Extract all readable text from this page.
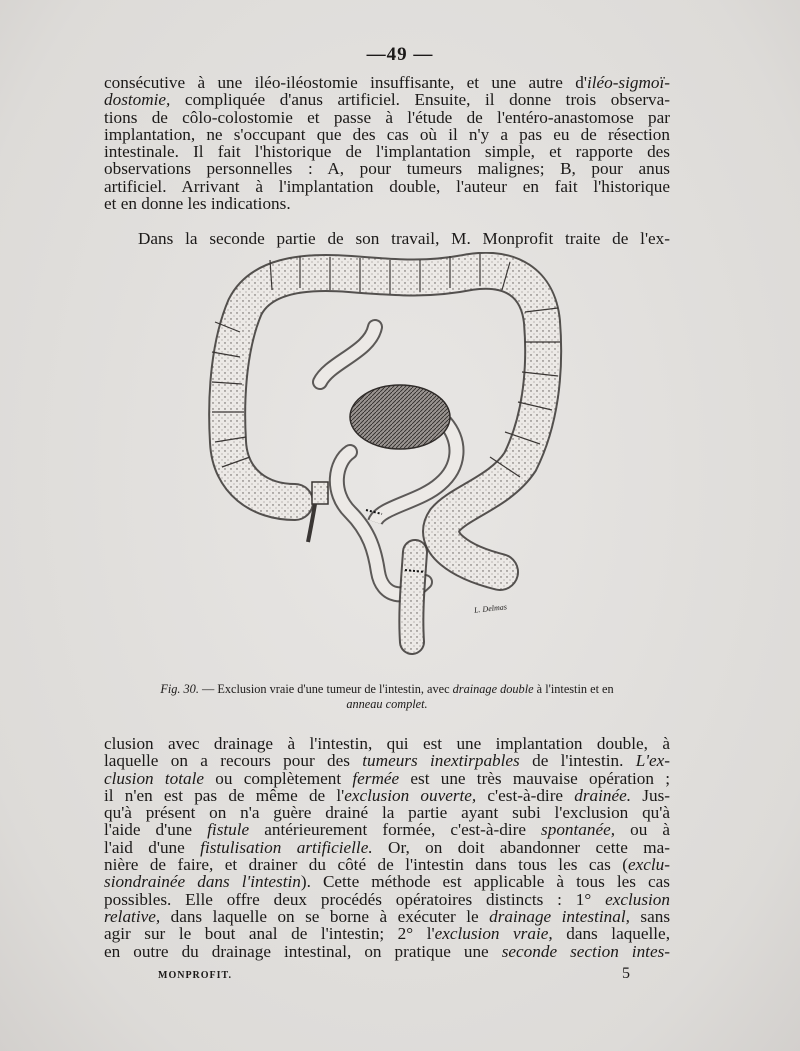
—49 —

consécutive à une iléo-iléostomie insuffisante, et une autre d'iléo-sigmoï-
dostomie, compliquée d'anus artificiel. Ensuite, il donne trois observa-
tions de côlo-colostomie et passe à l'étude de l'entéro-anastomose par
implantation, ne s'occupant que des cas où il n'y a pas eu de résection
intestinale. Il fait l'historique de l'implantation simple, et rapporte des
observations personnelles : A, pour tumeurs malignes; B, pour anus
artificiel. Arrivant à l'implantation double, l'auteur en fait l'historique
et en donne les indications.

Dans la seconde partie de son travail, M. Monprofit traite de l'ex-

L. Delmas
Fig. 30. — Exclusion vraie d'une tumeur de l'intestin, avec drainage double à l'intestin et en
anneau complet.

clusion avec drainage à l'intestin, qui est une implantation double, à
laquelle on a recours pour des tumeurs inextirpables de l'intestin. L'ex-
clusion totale ou complètement fermée est une très mauvaise opération ;
il n'en est pas de même de l'exclusion ouverte, c'est-à-dire drainée. Jus-
qu'à présent on n'a guère drainé la partie ayant subi l'exclusion qu'à
l'aide d'une fistule antérieurement formée, c'est-à-dire spontanée, ou à
l'aid d'une fistulisation artificielle. Or, on doit abandonner cette ma-
nière de faire, et drainer du côté de l'intestin dans tous les cas (exclu-
siondrainée dans l'intestin). Cette méthode est applicable à tous les cas
possibles. Elle offre deux procédés opératoires distincts : 1° exclusion
relative, dans laquelle on se borne à exécuter le drainage intestinal, sans
agir sur le bout anal de l'intestin; 2° l'exclusion vraie, dans laquelle,
en outre du drainage intestinal, on pratique une seconde section intes-

MONPROFIT.	5
